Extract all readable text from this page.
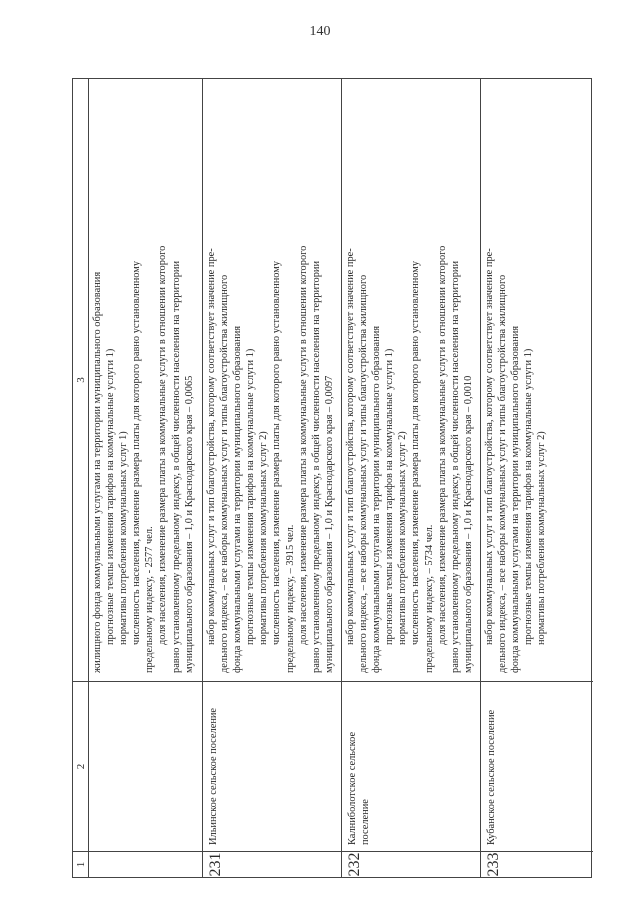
140
1
2
3 жилищного фонда коммунальными услугами на территории муниципального образования прогнозные темпы изменения тарифов на коммунальные услуги 1) нормативы потребления коммунальных услуг 1) численность населения, изменение размера платы для которого равно установленному предельному индексу, - 2577 чел. доля населения, изменение размера платы за коммунальные услуги в отношении которого равно установленному предельному индексу, в общей численности населения на территории муниципального образования – 1,0 и Краснодарского края – 0,0065
231
Ильинское сельское поселение
набор коммунальных услуг и тип благоустройства, которому соответствует значение пре- дельного индекса, – все наборы коммунальных услуг и типы благоустройства жилищного фонда коммунальными услугами на территории муниципального образования прогнозные темпы изменения тарифов на коммунальные услуги 1) нормативы потребления коммунальных услуг 2) численность населения, изменение размера платы для которого равно установленному предельному индексу, – 3915 чел. доля населения, изменение размера платы за коммунальные услуги в отношении которого равно установленному предельному индексу, в общей численности населения на территории муниципального образования – 1,0 и Краснодарского края – 0,0097
232
Калниболотское сельское поселение
набор коммунальных услуг и тип благоустройства, которому соответствует значение пре- дельного индекса, – все наборы коммунальных услуг и типы благоустройства жилищного фонда коммунальными услугами на территории муниципального образования прогнозные темпы изменения тарифов на коммунальные услуги 1) нормативы потребления коммунальных услуг 2) численность населения, изменение размера платы для которого равно установленному предельному индексу, – 5734 чел. доля населения, изменение размера платы за коммунальные услуги в отношении которого равно установленному предельному индексу, в общей численности населения на территории муниципального образования – 1,0 и Краснодарского края – 0,0010
233
Кубанское сельское поселение
набор коммунальных услуг и тип благоустройства, которому соответствует значение пре- дельного индекса, – все наборы коммунальных услуг и типы благоустройства жилищного фонда коммунальными услугами на территории муниципального образования прогнозные темпы изменения тарифов на коммунальные услуги 1) нормативы потребления коммунальных услуг 2)
